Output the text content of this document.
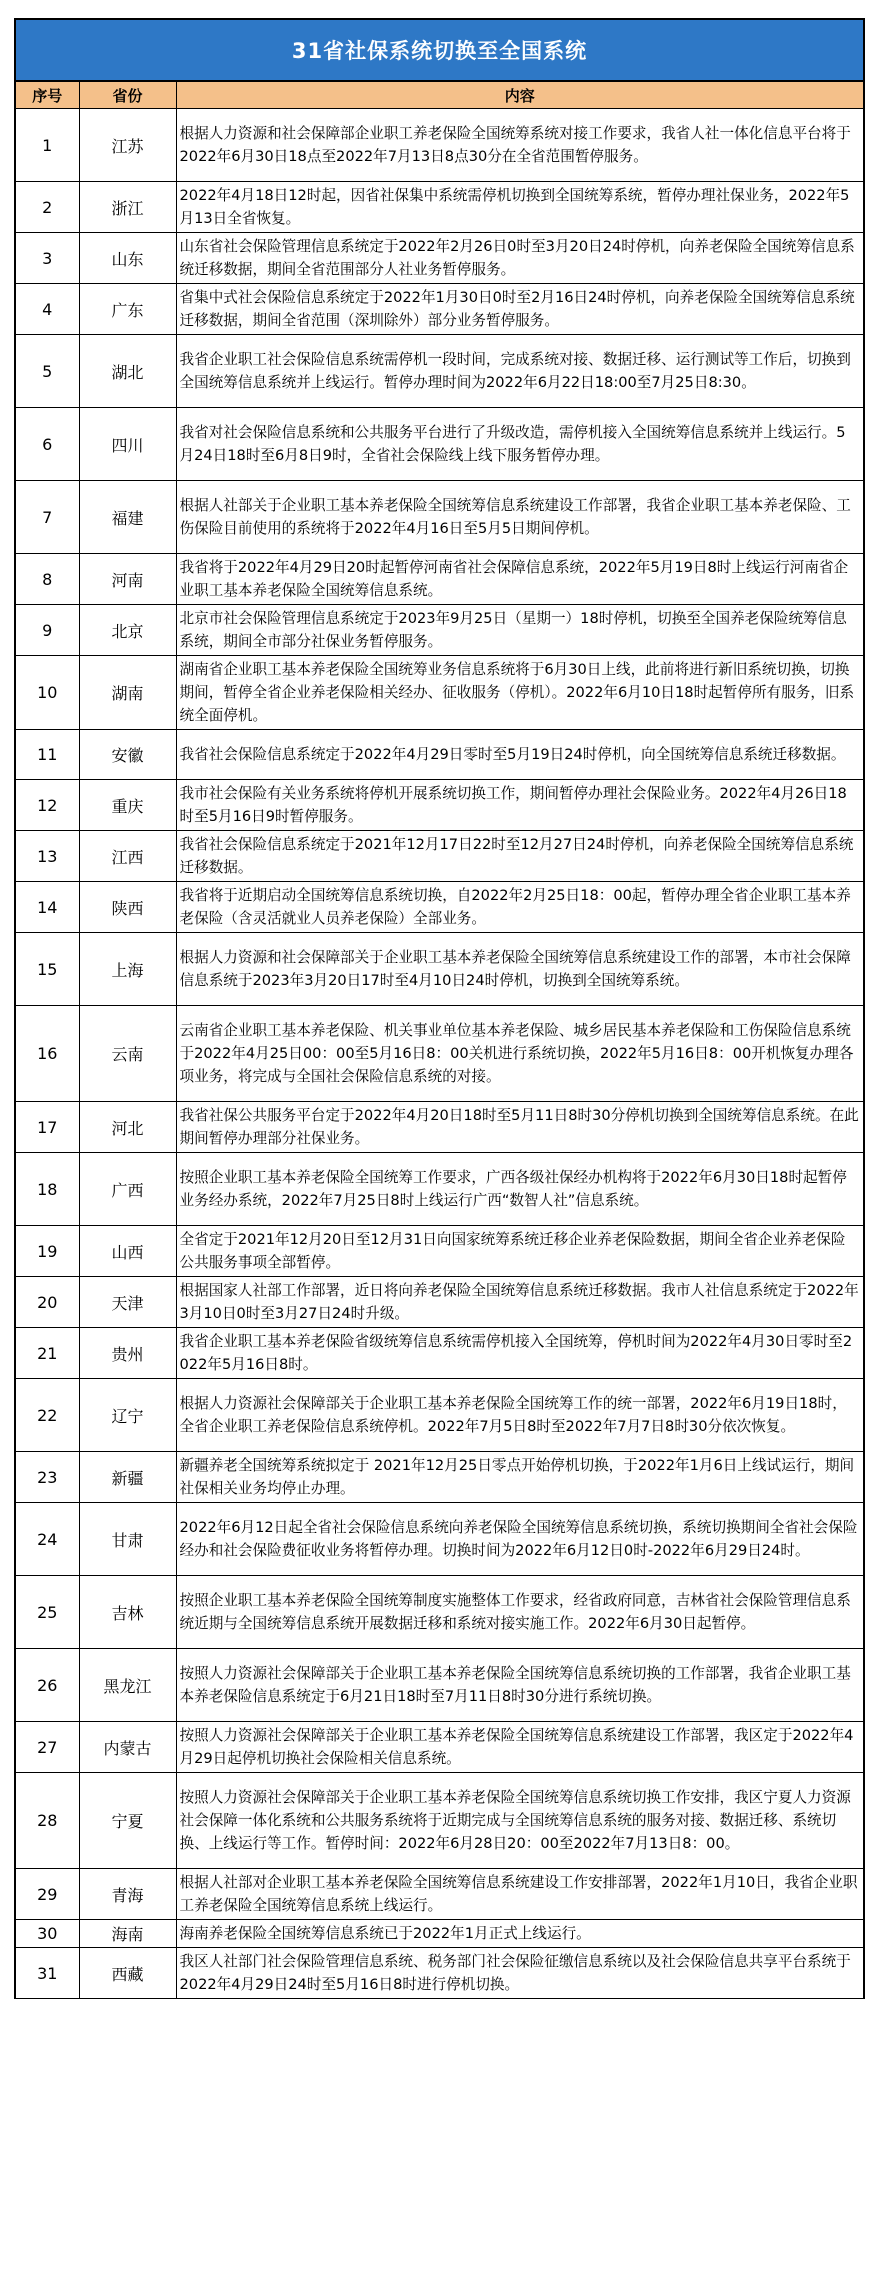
31省社保系统切换至全国系统
序号	省份	内容
1	江苏	根据人力资源和社会保障部企业职工养老保险全国统筹系统对接工作要求，我省人社一体化信息平台将于2022年6月30日18点至2022年7月13日8点30分在全省范围暂停服务。
2	浙江	2022年4月18日12时起，因省社保集中系统需停机切换到全国统筹系统，暂停办理社保业务，2022年5月13日全省恢复。
3	山东	山东省社会保险管理信息系统定于2022年2月26日0时至3月20日24时停机，向养老保险全国统筹信息系统迁移数据，期间全省范围部分人社业务暂停服务。
4	广东	省集中式社会保险信息系统定于2022年1月30日0时至2月16日24时停机，向养老保险全国统筹信息系统迁移数据，期间全省范围（深圳除外）部分业务暂停服务。
5	湖北	我省企业职工社会保险信息系统需停机一段时间，完成系统对接、数据迁移、运行测试等工作后，切换到全国统筹信息系统并上线运行。暂停办理时间为2022年6月22日18:00至7月25日8:30。
6	四川	我省对社会保险信息系统和公共服务平台进行了升级改造，需停机接入全国统筹信息系统并上线运行。5月24日18时至6月8日9时，全省社会保险线上线下服务暂停办理。
7	福建	根据人社部关于企业职工基本养老保险全国统筹信息系统建设工作部署，我省企业职工基本养老保险、工伤保险目前使用的系统将于2022年4月16日至5月5日期间停机。
8	河南	我省将于2022年4月29日20时起暂停河南省社会保障信息系统，2022年5月19日8时上线运行河南省企业职工基本养老保险全国统筹信息系统。
9	北京	北京市社会保险管理信息系统定于2023年9月25日（星期一）18时停机，切换至全国养老保险统筹信息系统，期间全市部分社保业务暂停服务。
10	湖南	湖南省企业职工基本养老保险全国统筹业务信息系统将于6月30日上线，此前将进行新旧系统切换，切换期间，暂停全省企业养老保险相关经办、征收服务（停机）。2022年6月10日18时起暂停所有服务，旧系统全面停机。
11	安徽	我省社会保险信息系统定于2022年4月29日零时至5月19日24时停机，向全国统筹信息系统迁移数据。
12	重庆	我市社会保险有关业务系统将停机开展系统切换工作，期间暂停办理社会保险业务。2022年4月26日18时至5月16日9时暂停服务。
13	江西	我省社会保险信息系统定于2021年12月17日22时至12月27日24时停机，向养老保险全国统筹信息系统迁移数据。
14	陕西	我省将于近期启动全国统筹信息系统切换，自2022年2月25日18：00起，暂停办理全省企业职工基本养老保险（含灵活就业人员养老保险）全部业务。
15	上海	根据人力资源和社会保障部关于企业职工基本养老保险全国统筹信息系统建设工作的部署，本市社会保障信息系统于2023年3月20日17时至4月10日24时停机，切换到全国统筹系统。
16	云南	云南省企业职工基本养老保险、机关事业单位基本养老保险、城乡居民基本养老保险和工伤保险信息系统于2022年4月25日00：00至5月16日8：00关机进行系统切换，2022年5月16日8：00开机恢复办理各项业务，将完成与全国社会保险信息系统的对接。
17	河北	我省社保公共服务平台定于2022年4月20日18时至5月11日8时30分停机切换到全国统筹信息系统。在此期间暂停办理部分社保业务。
18	广西	按照企业职工基本养老保险全国统筹工作要求，广西各级社保经办机构将于2022年6月30日18时起暂停业务经办系统，2022年7月25日8时上线运行广西“数智人社”信息系统。
19	山西	全省定于2021年12月20日至12月31日向国家统筹系统迁移企业养老保险数据，期间全省企业养老保险公共服务事项全部暂停。
20	天津	根据国家人社部工作部署，近日将向养老保险全国统筹信息系统迁移数据。我市人社信息系统定于2022年3月10日0时至3月27日24时升级。
21	贵州	我省企业职工基本养老保险省级统筹信息系统需停机接入全国统筹，停机时间为2022年4月30日零时至2022年5月16日8时。
22	辽宁	根据人力资源社会保障部关于企业职工基本养老保险全国统筹工作的统一部署，2022年6月19日18时，全省企业职工养老保险信息系统停机。2022年7月5日8时至2022年7月7日8时30分依次恢复。
23	新疆	新疆养老全国统筹系统拟定于 2021年12月25日零点开始停机切换，于2022年1月6日上线试运行，期间社保相关业务均停止办理。
24	甘肃	2022年6月12日起全省社会保险信息系统向养老保险全国统筹信息系统切换，系统切换期间全省社会保险经办和社会保险费征收业务将暂停办理。切换时间为2022年6月12日0时-2022年6月29日24时。
25	吉林	按照企业职工基本养老保险全国统筹制度实施整体工作要求，经省政府同意，吉林省社会保险管理信息系统近期与全国统筹信息系统开展数据迁移和系统对接实施工作。2022年6月30日起暂停。
26	黑龙江	按照人力资源社会保障部关于企业职工基本养老保险全国统筹信息系统切换的工作部署，我省企业职工基本养老保险信息系统定于6月21日18时至7月11日8时30分进行系统切换。
27	内蒙古	按照人力资源社会保障部关于企业职工基本养老保险全国统筹信息系统建设工作部署，我区定于2022年4月29日起停机切换社会保险相关信息系统。
28	宁夏	按照人力资源社会保障部关于企业职工基本养老保险全国统筹信息系统切换工作安排，我区宁夏人力资源社会保障一体化系统和公共服务系统将于近期完成与全国统筹信息系统的服务对接、数据迁移、系统切换、上线运行等工作。暂停时间：2022年6月28日20：00至2022年7月13日8：00。
29	青海	根据人社部对企业职工基本养老保险全国统筹信息系统建设工作安排部署，2022年1月10日，我省企业职工养老保险全国统筹信息系统上线运行。
30	海南	海南养老保险全国统筹信息系统已于2022年1月正式上线运行。
31	西藏	我区人社部门社会保险管理信息系统、税务部门社会保险征缴信息系统以及社会保险信息共享平台系统于2022年4月29日24时至5月16日8时进行停机切换。
